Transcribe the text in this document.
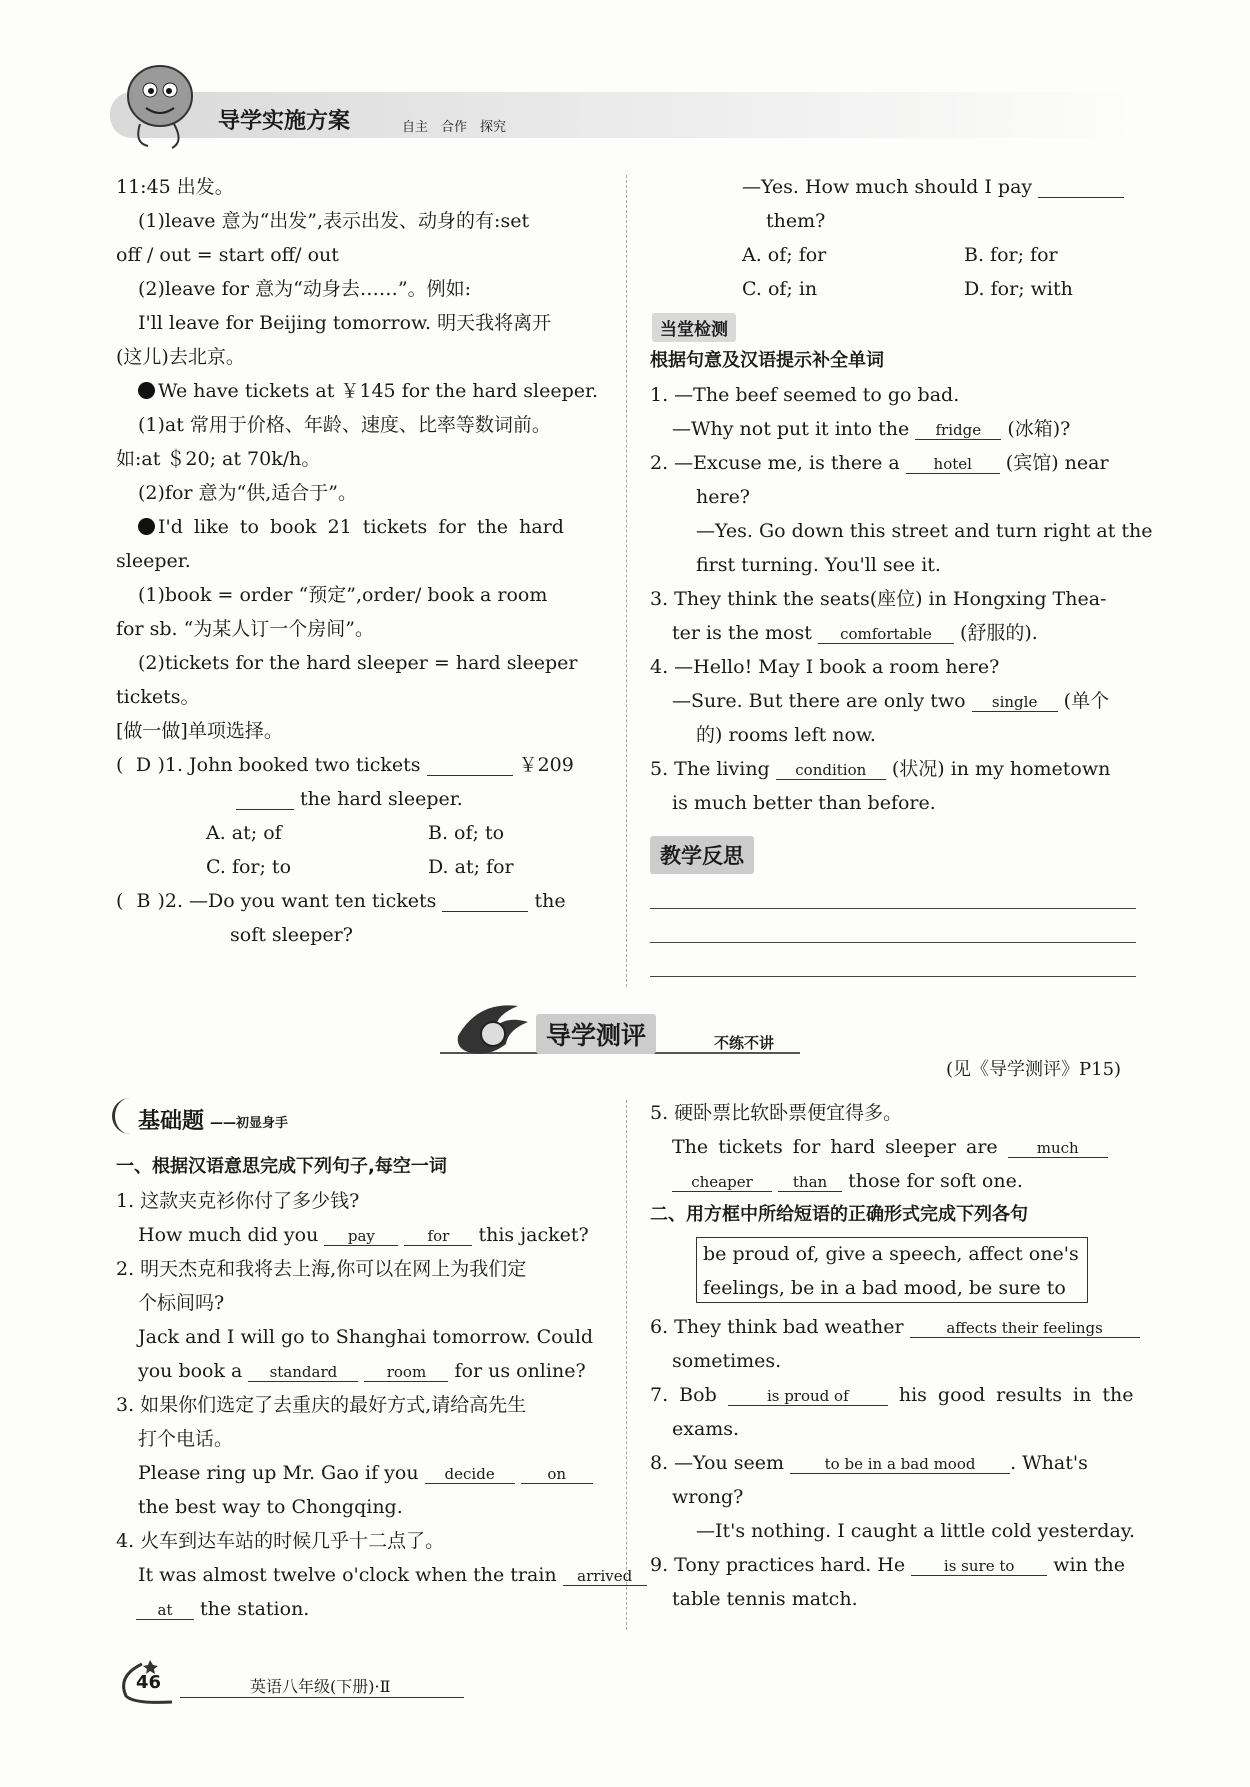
导学实施方案	自主　合作　探究
11:45 出发。
(1)leave 意为“出发”,表示出发、动身的有:set
off / out = start off/ out
(2)leave for 意为“动身去……”。例如:
I'll leave for Beijing tomorrow. 明天我将离开
(这儿)去北京。
We have tickets at ￥145 for the hard sleeper.
(1)at 常用于价格、年龄、速度、比率等数词前。
如:at ＄20; at 70k/h。
(2)for 意为“供,适合于”。
I'd like to book 21 tickets for the hard
sleeper.
(1)book = order “预定”,order/ book a room
for sb. “为某人订一个房间”。
(2)tickets for the hard sleeper = hard sleeper
tickets。
[做一做]单项选择。
( D )1. John booked two tickets	￥209
the hard sleeper.
A. at; of	B. of; to
C. for; to	D. at; for
( B )2. —Do you want ten tickets	the
soft sleeper?
—Yes. How much should I pay
them?
A. of; for	B. for; for
C. of; in	D. for; with
当堂检测
根据句意及汉语提示补全单词
1. —The beef seemed to go bad.
—Why not put it into the fridge (冰箱)?
2. —Excuse me, is there a hotel (宾馆) near
here?
—Yes. Go down this street and turn right at the
first turning. You'll see it.
3. They think the seats(座位) in Hongxing Thea-
ter is the most comfortable (舒服的).
4. —Hello! May I book a room here?
—Sure. But there are only two single (单个
的) rooms left now.
5. The living condition (状况) in my hometown
is much better than before.
教学反思
导学测评	不练不讲
(见《导学测评》P15)
基础题 ——初显身手
一、根据汉语意思完成下列句子,每空一词
1. 这款夹克衫你付了多少钱?
How much did you pay	for this jacket?
2. 明天杰克和我将去上海,你可以在网上为我们定
个标间吗?
Jack and I will go to Shanghai tomorrow. Could
you book a standard	room for us online?
3. 如果你们选定了去重庆的最好方式,请给高先生
打个电话。
Please ring up Mr. Gao if you decide	on
the best way to Chongqing.
4. 火车到达车站的时候几乎十二点了。
It was almost twelve o'clock when the train arrived
at the station.
5. 硬卧票比软卧票便宜得多。
The tickets for hard sleeper are	much
cheaper	than those for soft one.
二、用方框中所给短语的正确形式完成下列各句
be proud of, give a speech, affect one's
feelings, be in a bad mood, be sure to
6. They think bad weather	affects their feelings
sometimes.
7. Bob	is proud of	his good results in the
exams.
8. —You seem	to be in a bad mood . What's
wrong?
—It's nothing. I caught a little cold yesterday.
9. Tony practices hard. He	is sure to win the
table tennis match.
46	英语八年级(下册)·Ⅱ
